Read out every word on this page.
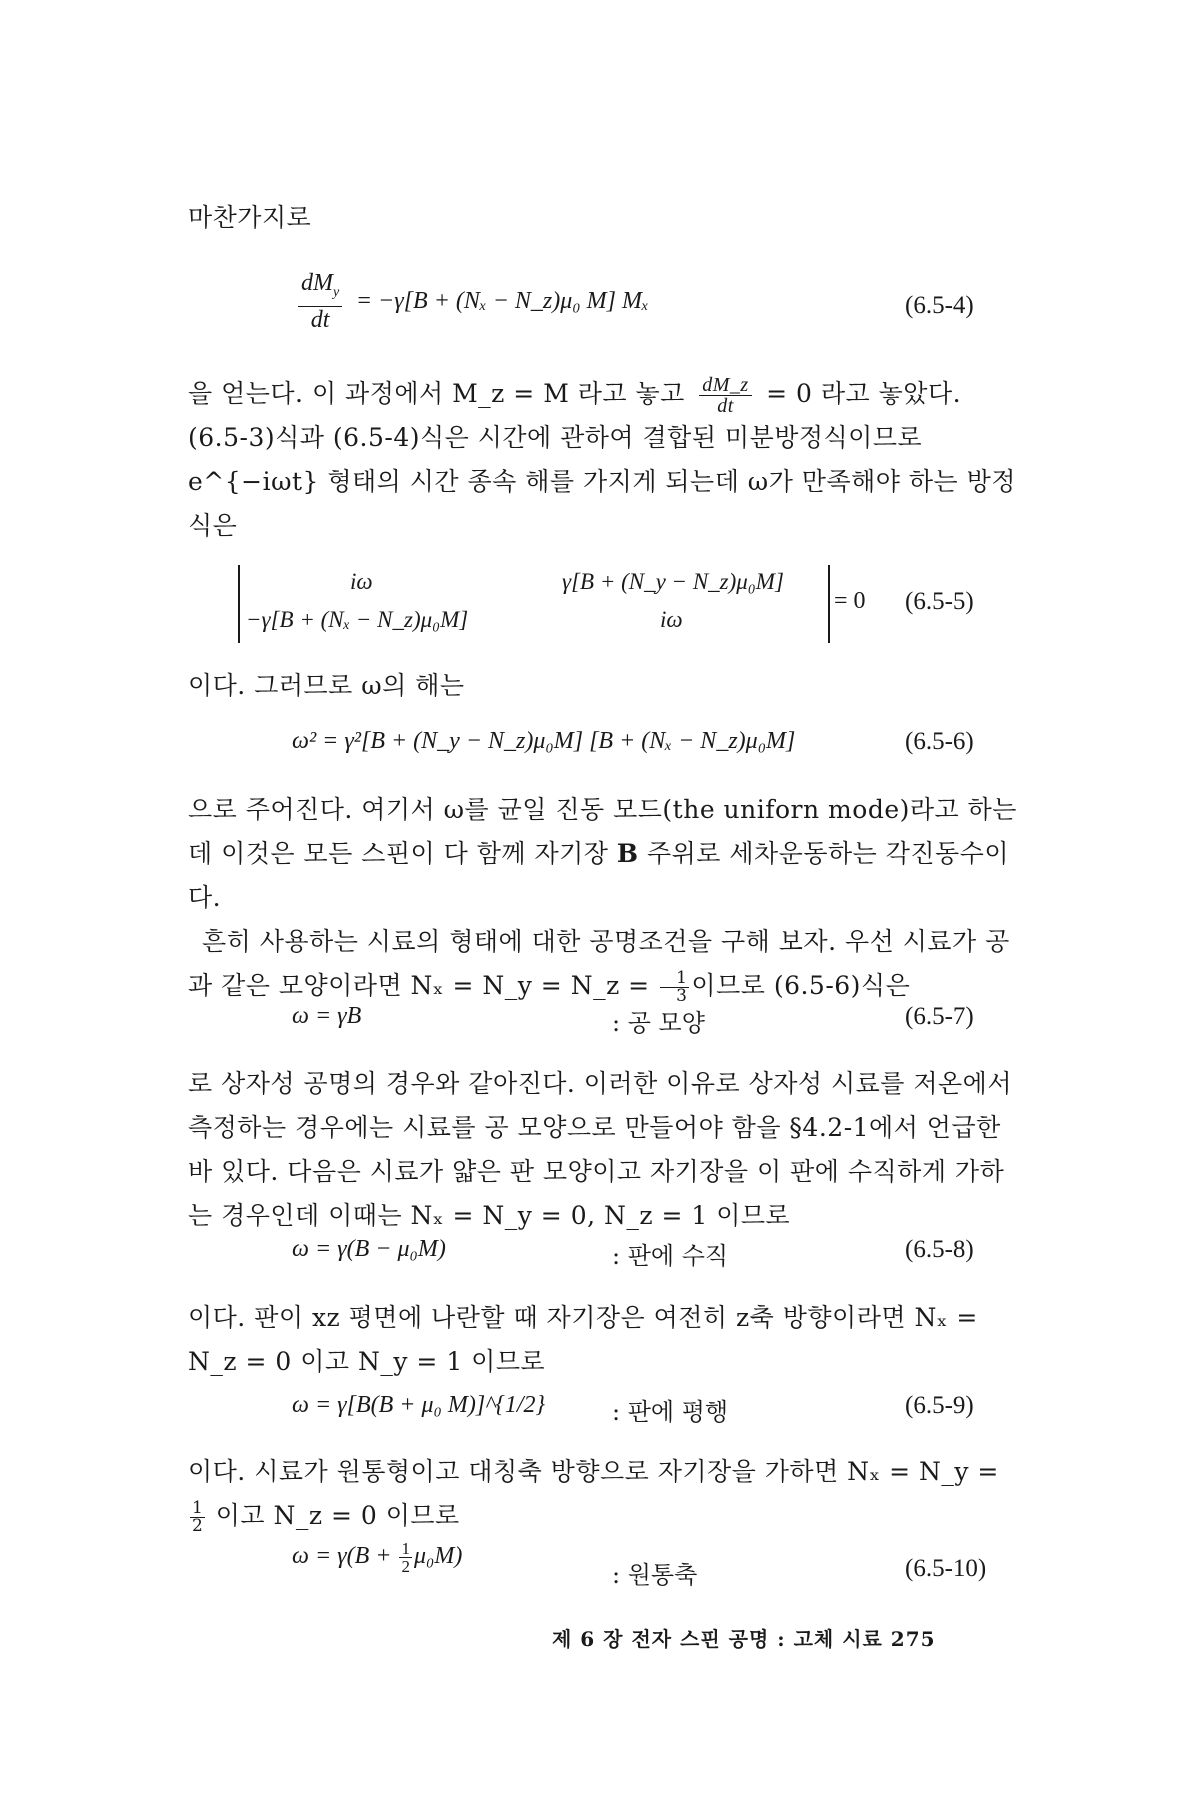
마찬가지로
$\frac{dM_y}{dt} = -\gamma[B + (N_x$ − N_z)μ₀ M] Mₓ	(6.5-4)
을 얻는다. 이 과정에서 M_z = M 라고 놓고 $\frac{dM\_z}{dt} = 0$ 라고 놓았다. (6.5-3)식과 (6.5-4)식은 시간에 관하여 결합된 미분방정식이므로 e^{−iωt} 형태의 시간 종속 해를 가지게 되는데 ω가 만족해야 하는 방정식은
iω	γ[B + (N_y − N_z)μ₀M]
−γ[B + (Nₓ − N_z)μ₀M]	iω
= 0 (6.5-5)
이다. 그러므로 ω의 해는
ω² = γ²[B + (N_y − N_z)μ₀M] [B + (Nₓ − N_z)μ₀M]	(6.5-6)
으로 주어진다. 여기서 ω를 균일 진동 모드(the uniforn mode)라고 하는데 이것은 모든 스핀이 다 함께 자기장 B 주위로 세차운동하는 각진동수이다.
흔히 사용하는 시료의 형태에 대한 공명조건을 구해 보자. 우선 시료가 공과 같은 모양이라면 Nₓ = N_y = N_z = $\frac{1}{3}$ 이므로 (6.5-6)식은
ω = γB	: 공 모양	(6.5-7)
로 상자성 공명의 경우와 같아진다. 이러한 이유로 상자성 시료를 저온에서 측정하는 경우에는 시료를 공 모양으로 만들어야 함을 §4.2-1에서 언급한 바 있다. 다음은 시료가 얇은 판 모양이고 자기장을 이 판에 수직하게 가하는 경우인데 이때는 Nₓ = N_y = 0, N_z = 1 이므로
ω = γ(B − μ₀M)	: 판에 수직	(6.5-8)
이다. 판이 xz 평면에 나란할 때 자기장은 여전히 z축 방향이라면 Nₓ = N_z = 0 이고 N_y = 1 이므로
ω = γ[B(B + μ₀ M)]^{1/2}	: 판에 평행	(6.5-9)
이다. 시료가 원통형이고 대칭축 방향으로 자기장을 가하면 Nₓ = N_y =
$\frac{1}{2}$ 이고 N_z = 0 이므로
$\omega = \gamma(B + \frac{1}{2} \mu_0M)$
: 원통축	(6.5-10)
제 6 장 전자 스핀 공명 : 고체 시료 275
